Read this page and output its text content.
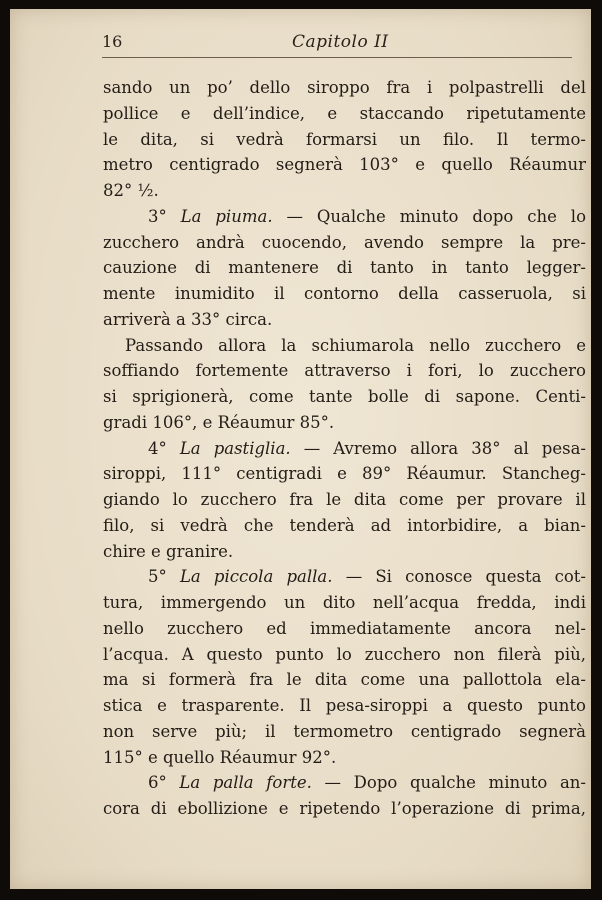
16	Capitolo II
sando un po’ dello siroppo fra i polpastrelli del
pollice e dell’indice, e staccando ripetutamente
le dita, si vedrà formarsi un filo. Il termo-
metro centigrado segnerà 103° e quello Réaumur
82° ½.
3° La piuma. — Qualche minuto dopo che lo
zucchero andrà cuocendo, avendo sempre la pre-
cauzione di mantenere di tanto in tanto legger-
mente inumidito il contorno della casseruola, si
arriverà a 33° circa.
Passando allora la schiumarola nello zucchero e
soffiando fortemente attraverso i fori, lo zucchero
si sprigionerà, come tante bolle di sapone. Centi-
gradi 106°, e Réaumur 85°.
4° La pastiglia. — Avremo allora 38° al pesa-
siroppi, 111° centigradi e 89° Réaumur. Stancheg-
giando lo zucchero fra le dita come per provare il
filo, si vedrà che tenderà ad intorbidire, a bian-
chire e granire.
5° La piccola palla. — Si conosce questa cot-
tura, immergendo un dito nell’acqua fredda, indi
nello zucchero ed immediatamente ancora nel-
l’acqua. A questo punto lo zucchero non filerà più,
ma si formerà fra le dita come una pallottola ela-
stica e trasparente. Il pesa-siroppi a questo punto
non serve più; il termometro centigrado segnerà
115° e quello Réaumur 92°.
6° La palla forte. — Dopo qualche minuto an-
cora di ebollizione e ripetendo l’operazione di prima,
